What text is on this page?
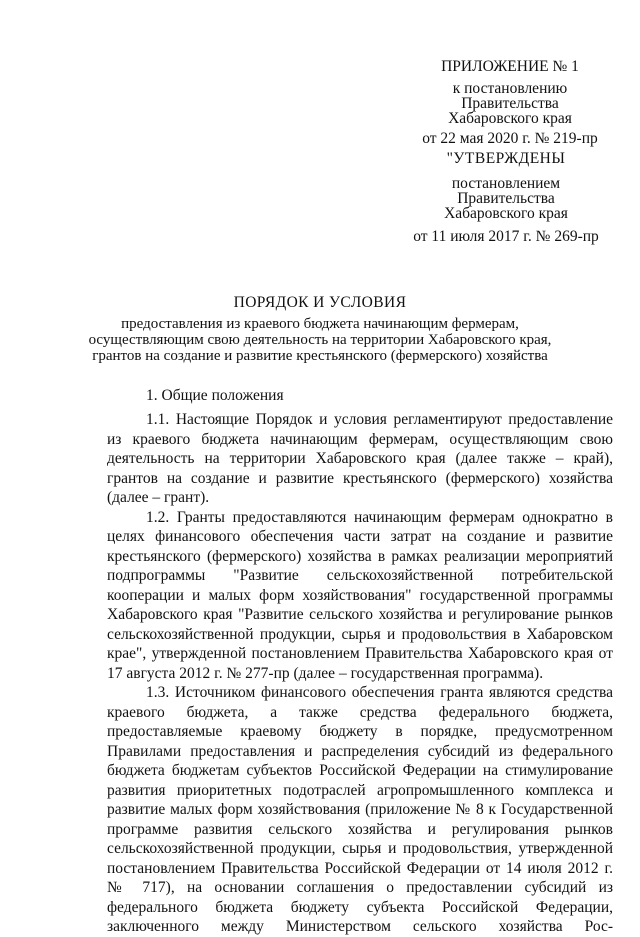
ПРИЛОЖЕНИЕ № 1
к постановлению
Правительства
Хабаровского края
от 22 мая 2020 г. № 219-пр
"УТВЕРЖДЕНЫ
постановлением
Правительства
Хабаровского края
от 11 июля 2017 г. № 269-пр
ПОРЯДОК И УСЛОВИЯ
предоставления из краевого бюджета начинающим фермерам,
осуществляющим свою деятельность на территории Хабаровского края,
грантов на создание и развитие крестьянского (фермерского) хозяйства
1. Общие положения

1.1. Настоящие Порядок и условия регламентируют предоставление из краевого бюджета начинающим фермерам, осуществляющим свою деятельность на территории Хабаровского края (далее также – край), грантов на создание и развитие крестьянского (фермерского) хозяйства (далее – грант).

1.2. Гранты предоставляются начинающим фермерам однократно в целях финансового обеспечения части затрат на создание и развитие крестьянского (фермерского) хозяйства в рамках реализации мероприятий подпрограммы "Развитие сельскохозяйственной потребительской кооперации и малых форм хозяйствования" государственной программы Хабаровского края "Развитие сельского хозяйства и регулирование рынков сельскохозяйственной продукции, сырья и продовольствия в Хабаровском крае", утвержденной постановлением Правительства Хабаровского края от 17 августа 2012 г. № 277-пр (далее – государственная программа).

1.3. Источником финансового обеспечения гранта являются средства краевого бюджета, а также средства федерального бюджета, предоставляемые краевому бюджету в порядке, предусмотренном Правилами предоставления и распределения субсидий из федерального бюджета бюджетам субъектов Российской Федерации на стимулирование развития приоритетных подотраслей агропромышленного комплекса и развитие малых форм хозяйствования (приложение № 8 к Государственной программе развития сельского хозяйства и регулирования рынков сельскохозяйственной продукции, сырья и продовольствия, утвержденной постановлением Правительства Российской Федерации от 14 июля 2012 г. № 717), на основании соглашения о предоставлении субсидий из федерального бюджета бюджету субъекта Российской Федерации, заключенного между Министерством сельского хозяйства Рос-
